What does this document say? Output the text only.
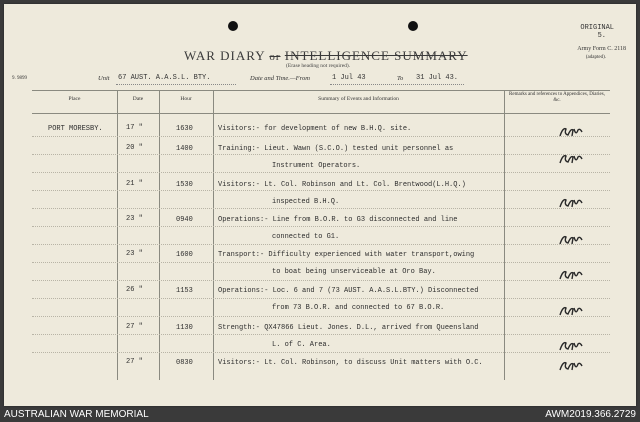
ORIGINAL
5.
Army Form C. 2118
(adapted).
9. 9899
WAR DIARY or INTELLIGENCE SUMMARY
(Erase heading not required).
Unit 67 AUST. A.A.S.L. BTY.	Date and Time.—From	1 Jul 43	To 31 Jul 43.
Place	Date	Hour	Summary of Events and Information
Remarks and references to Appendices, Diaries, &c.
PORT MORESBY.	17 "	1630	Visitors:- for development of new B.H.Q. site.
20 "	1400	Training:- Lieut. Wawn (S.C.O.) tested unit personnel as
Instrument Operators.
21 "	1530	Visitors:- Lt. Col. Robinson and Lt. Col. Brentwood(L.H.Q.)
inspected B.H.Q.
23 "	0940	Operations:- Line from B.O.R. to G3 disconnected and line
connected to G1.
23 "	1600	Transport:- Difficulty experienced with water transport,owing
to boat being unserviceable at Oro Bay.
26 "	1153	Operations:- Loc. 6 and 7 (73 AUST. A.A.S.L.BTY.) Disconnected
from 73 B.O.R. and connected to 67 B.O.R.
27 "	1130	Strength:- QX47866 Lieut. Jones. D.L., arrived from Queensland
L. of C. Area.
27 "	0830	Visitors:- Lt. Col. Robinson, to discuss Unit matters with O.C.
AUSTRALIAN WAR MEMORIAL	AWM2019.366.2729
